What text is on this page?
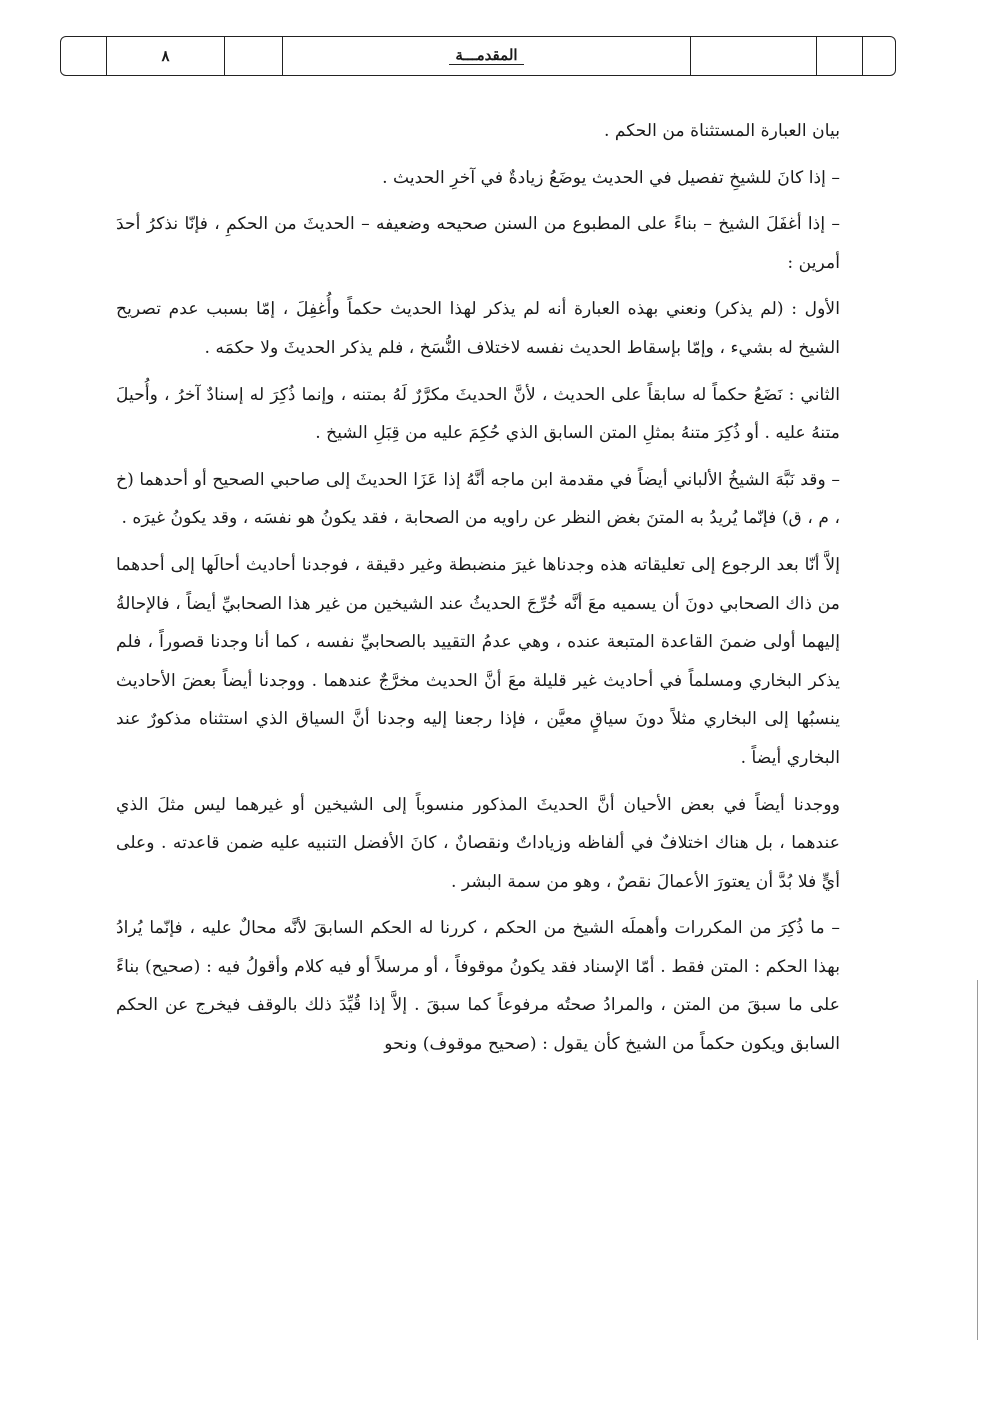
٨	المقدمـــة

بيان العبارة المستثناة من الحكم .

– إذا كانَ للشيخِ تفصيل في الحديث يوضَعُ زيادةٌ في آخرِ الحديث .

– إذا أغفَلَ الشيخ – بناءً على المطبوع من السنن صحيحه وضعيفه – الحديثَ من الحكمِ ، فإنّا نذكرُ أحدَ أمرين :

الأول : (لم يذكر) ونعني بهذه العبارة أنه لم يذكر لهذا الحديث حكماً وأُغفِلَ ، إمّا بسبب عدم تصريح الشيخ له بشيء ، وإمّا بإسقاط الحديث نفسه لاختلاف النُّسَخ ، فلم يذكر الحديثَ ولا حكمَه .

الثاني : نَضَعُ حكماً له سابقاً على الحديث ، لأنَّ الحديثَ مكرَّرٌ لَهُ بمتنه ، وإنما ذُكِرَ له إسنادٌ آخرُ ، وأُحيلَ متنهُ عليه . أو ذُكِرَ متنهُ بمثلِ المتن السابق الذي حُكِمَ عليه من قِبَلِ الشيخ .

– وقد نَبَّهَ الشيخُ الألباني أيضاً في مقدمة ابن ماجه أنَّهُ إذا عَزَا الحديثَ إلى صاحبي الصحيح أو أحدهما (خ ، م ، ق) فإنّما يُريدُ به المتنَ بغض النظر عن راويه من الصحابة ، فقد يكونُ هو نفسَه ، وقد يكونُ غيرَه .

إلاَّ أنّا بعد الرجوع إلى تعليقاته هذه وجدناها غيرَ منضبطة وغير دقيقة ، فوجدنا أحاديث أحالَها إلى أحدهما من ذاك الصحابي دونَ أن يسميه معَ أنَّه خُرِّجَ الحديثُ عند الشيخين من غير هذا الصحابيِّ أيضاً ، فالإحالةُ إليهما أولى ضمنَ القاعدة المتبعة عنده ، وهي عدمُ التقييد بالصحابيِّ نفسه ، كما أنا وجدنا قصوراً ، فلم يذكر البخاري ومسلماً في أحاديث غير قليلة معَ أنَّ الحديث مخرَّجٌ عندهما . ووجدنا أيضاً بعضَ الأحاديث ينسبُها إلى البخاري مثلاً دونَ سياقٍ معيَّن ، فإذا رجعنا إليه وجدنا أنَّ السياق الذي استثناه مذكورٌ عند البخاري أيضاً .

ووجدنا أيضاً في بعض الأحيان أنَّ الحديثَ المذكور منسوباً إلى الشيخين أو غيرهما ليس مثلَ الذي عندهما ، بل هناك اختلافٌ في ألفاظه وزياداتٌ ونقصانٌ ، كانَ الأفضل التنبيه عليه ضمن قاعدته . وعلى أيٍّ فلا بُدَّ أن يعتورَ الأعمالَ نقصٌ ، وهو من سمة البشر .

– ما ذُكِرَ من المكررات وأهملَه الشيخ من الحكم ، كررنا له الحكم السابقَ لأنَّه محالٌ عليه ، فإنّما يُرادُ بهذا الحكم : المتن فقط . أمّا الإسناد فقد يكونُ موقوفاً ، أو مرسلاً أو فيه كلام وأقولُ فيه : (صحيح) بناءً على ما سبقَ من المتن ، والمرادُ صحتُه مرفوعاً كما سبقَ . إلاَّ إذا قُيِّدَ ذلك بالوقف فيخرج عن الحكم السابق ويكون حكماً من الشيخ كأن يقول : (صحيح موقوف) ونحو
